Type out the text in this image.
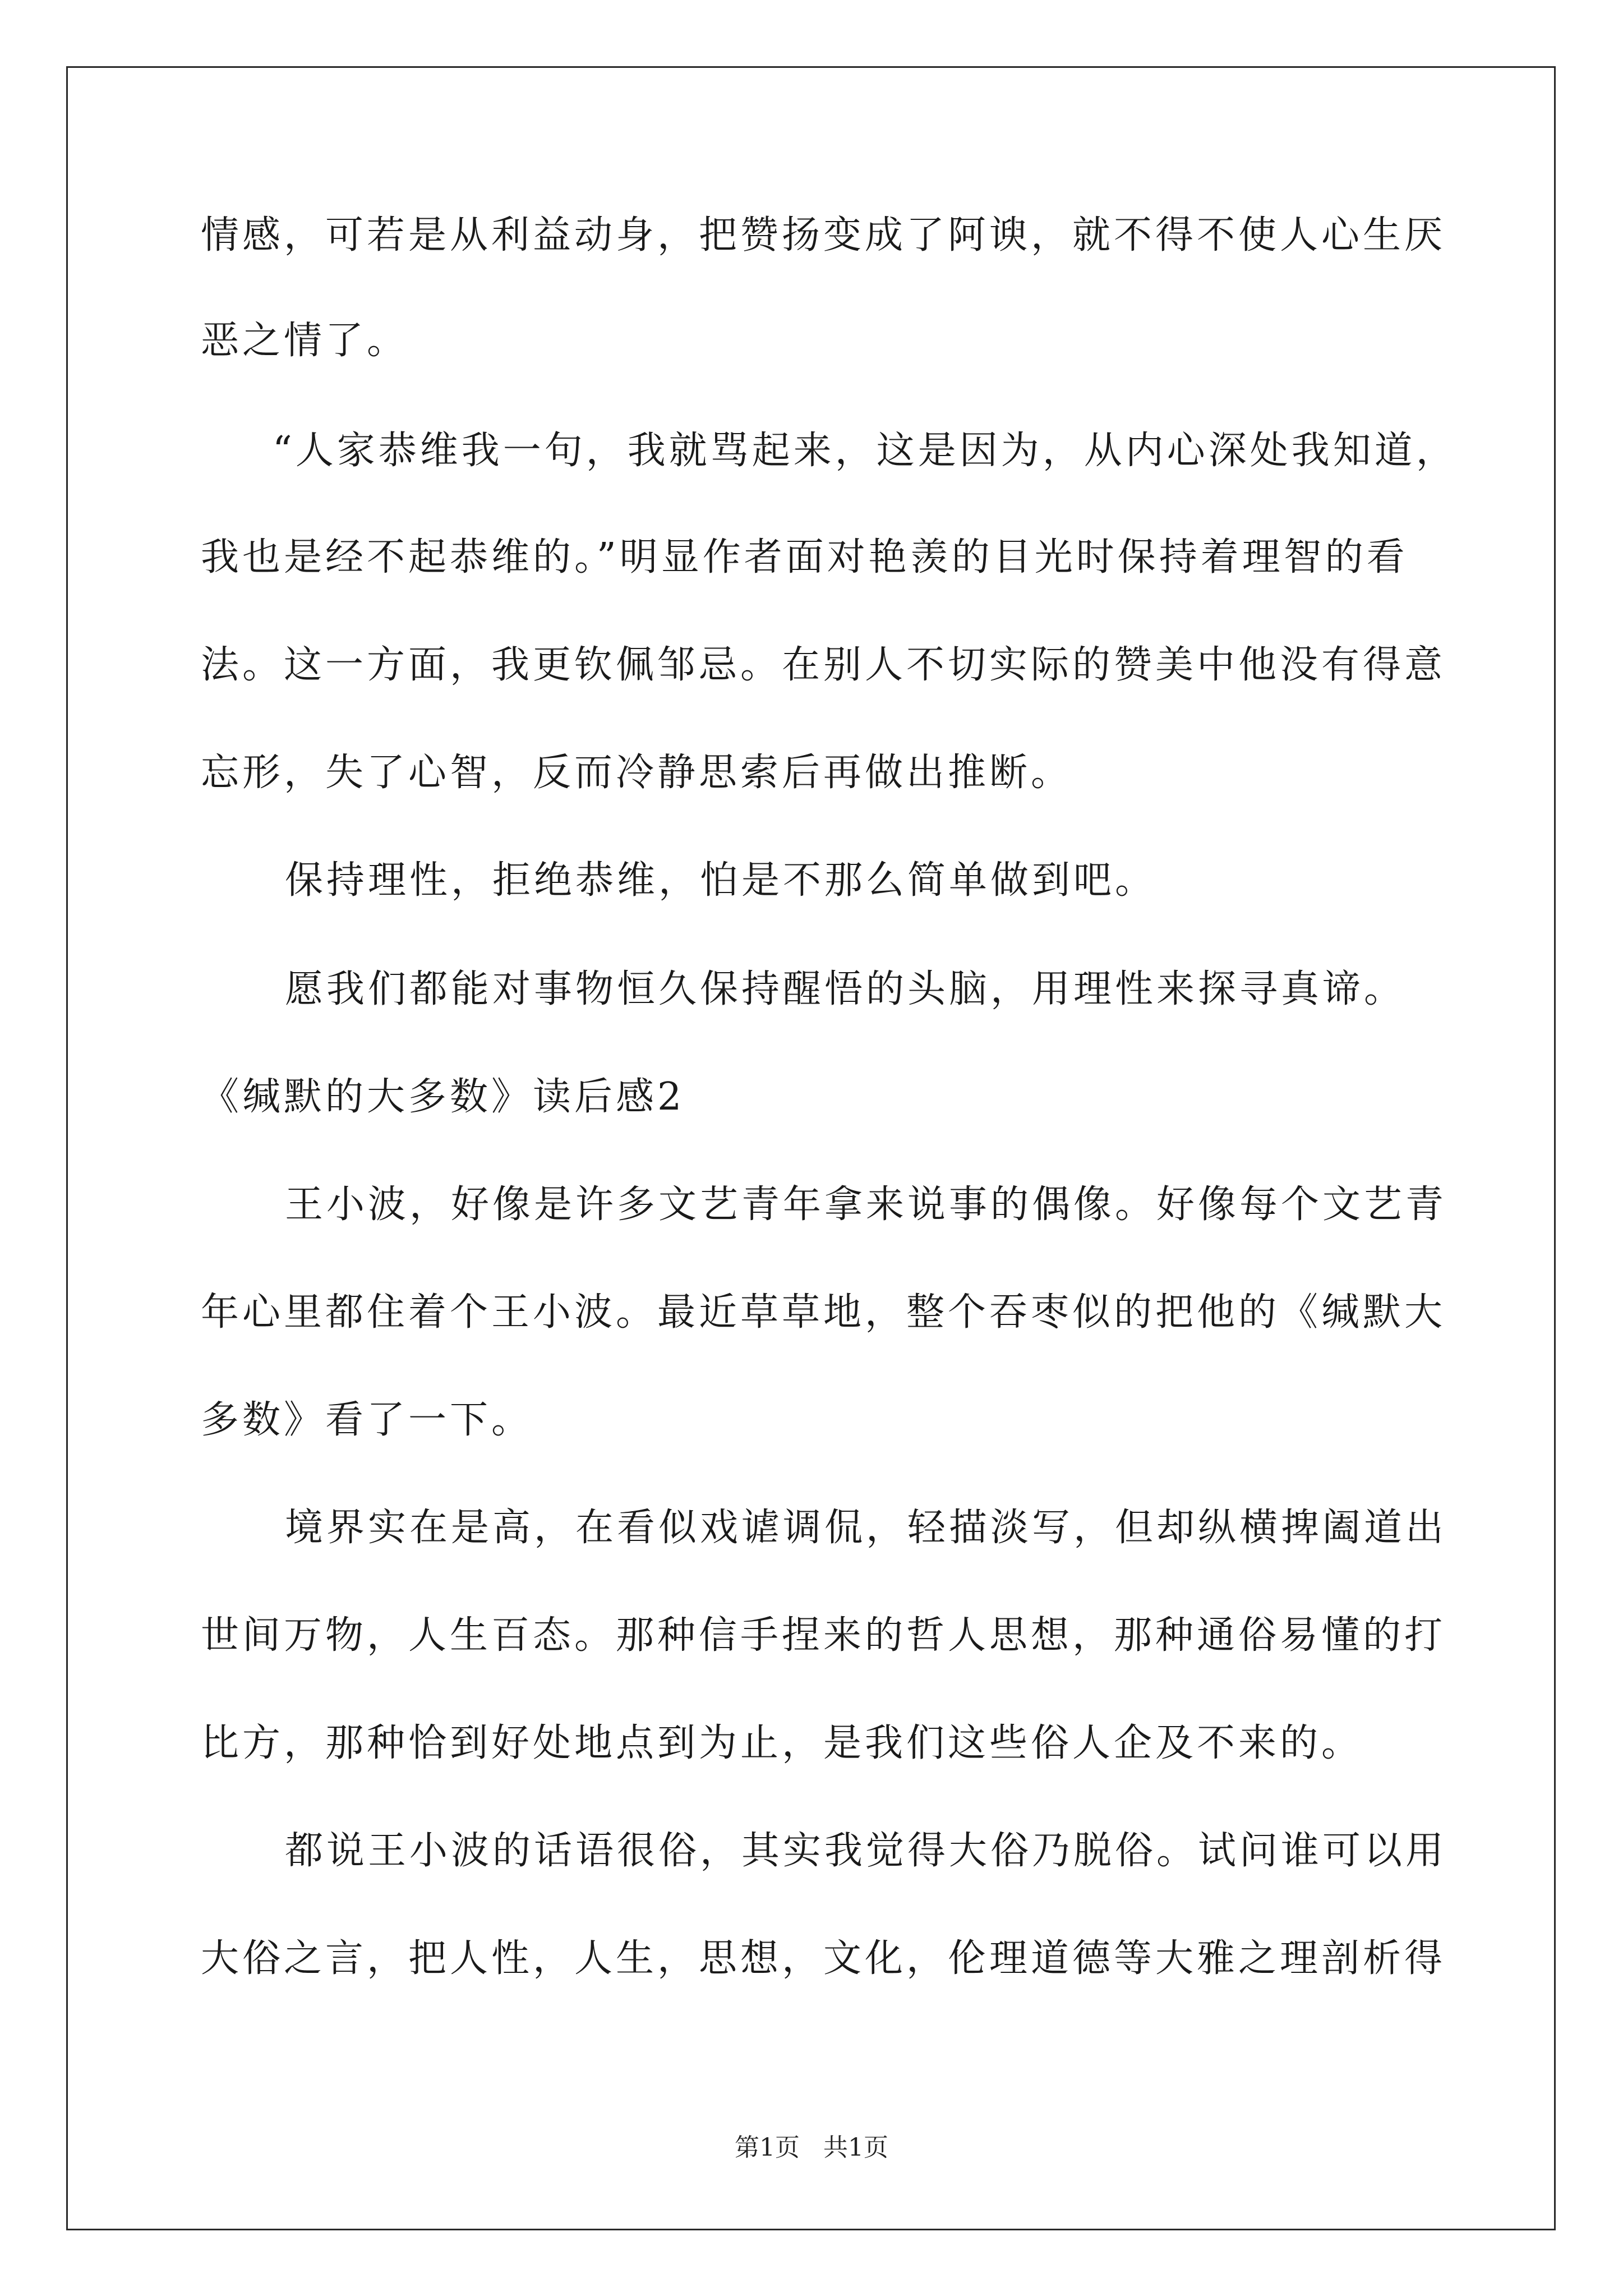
情感，可若是从利益动身，把赞扬变成了阿谀，就不得不使人心生厌
恶之情了。
“人家恭维我一句，我就骂起来，这是因为，从内心深处我知道，
我也是经不起恭维的。”明显作者面对艳羡的目光时保持着理智的看
法。这一方面，我更钦佩邹忌。在别人不切实际的赞美中他没有得意
忘形，失了心智，反而冷静思索后再做出推断。
保持理性，拒绝恭维，怕是不那么简单做到吧。
愿我们都能对事物恒久保持醒悟的头脑，用理性来探寻真谛。
《缄默的大多数》读后感2
王小波，好像是许多文艺青年拿来说事的偶像。好像每个文艺青
年心里都住着个王小波。最近草草地，整个吞枣似的把他的《缄默大
多数》看了一下。
境界实在是高，在看似戏谑调侃，轻描淡写，但却纵横捭阖道出
世间万物，人生百态。那种信手捏来的哲人思想，那种通俗易懂的打
比方，那种恰到好处地点到为止，是我们这些俗人企及不来的。
都说王小波的话语很俗，其实我觉得大俗乃脱俗。试问谁可以用
大俗之言，把人性，人生，思想，文化，伦理道德等大雅之理剖析得
第1页   共1页
